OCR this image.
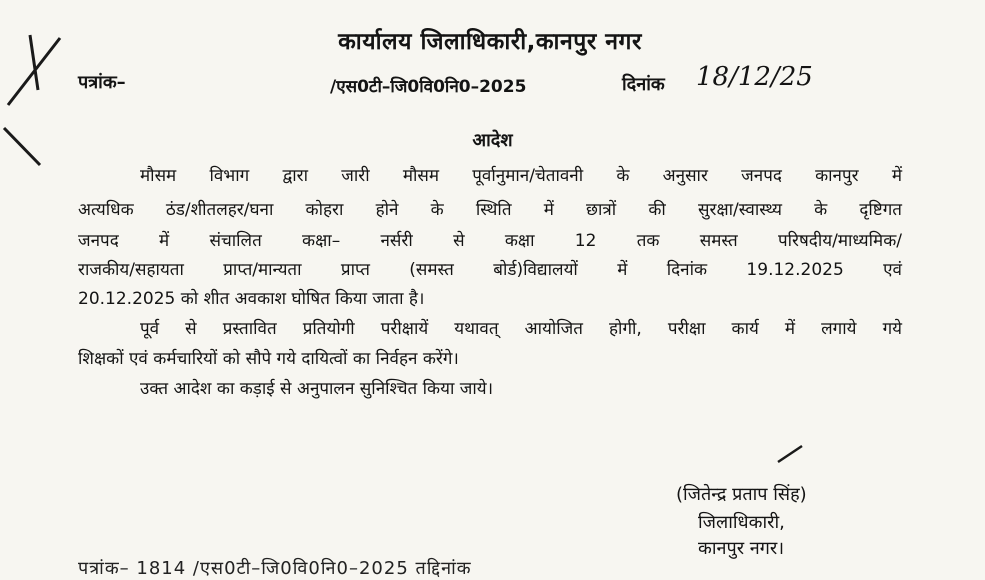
कार्यालय जिलाधिकारी,कानपुर नगर
पत्रांक–	/एस0टी–जि0वि0नि0–2025	दिनांक 18/12/25
आदेश
मौसम विभाग द्वारा जारी मौसम पूर्वानुमान/चेतावनी के अनुसार जनपद कानपुर में
अत्यधिक ठंड/शीतलहर/घना कोहरा होने के स्थिति में छात्रों की सुरक्षा/स्वास्थ्य के दृष्टिगत
जनपद में संचालित कक्षा– नर्सरी से कक्षा 12 तक समस्त परिषदीय/माध्यमिक/
राजकीय/सहायता प्राप्त/मान्यता प्राप्त (समस्त बोर्ड)विद्यालयों में दिनांक 19.12.2025 एवं
20.12.2025 को शीत अवकाश घोषित किया जाता है।
पूर्व से प्रस्तावित प्रतियोगी परीक्षायें यथावत् आयोजित होगी, परीक्षा कार्य में लगाये गये
शिक्षकों एवं कर्मचारियों को सौपे गये दायित्वों का निर्वहन करेंगे।
उक्त आदेश का कड़ाई से अनुपालन सुनिश्चित किया जाये।
(जितेन्द्र प्रताप सिंह)
जिलाधिकारी,
कानपुर नगर।
पत्रांक– 1814 /एस0टी–जि0वि0नि0–2025 तद्दिनांक
